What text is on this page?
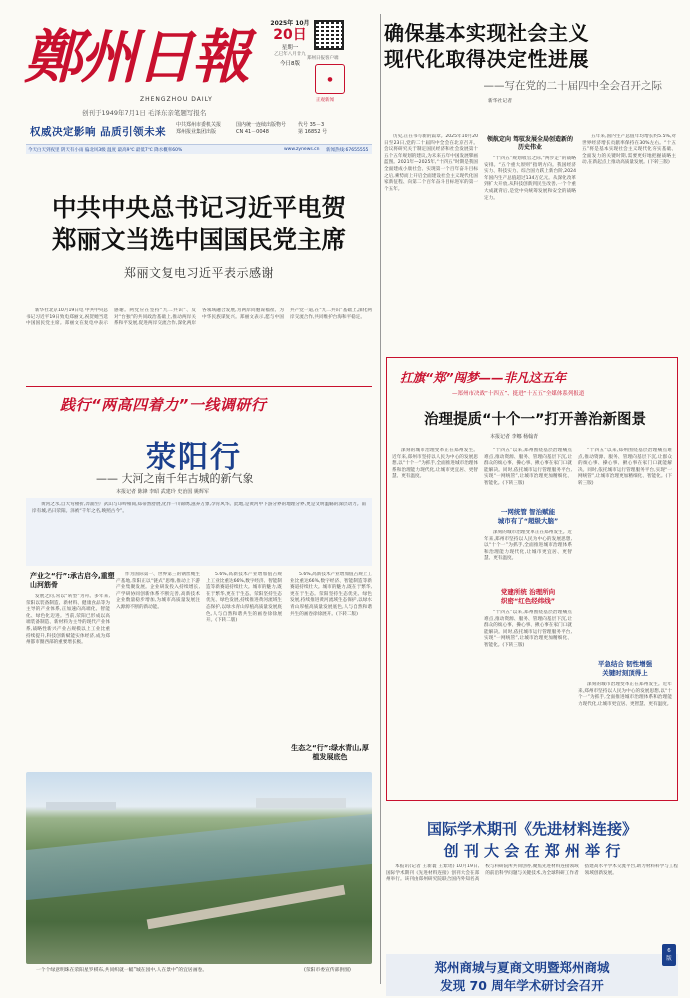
鄭州日報
ZHENGZHOU DAILY
创刊于1949年7月1日 毛泽东亲笔题写报名
2025年 10月
20日
星期一
乙巳年八月廿九
今日8版
郑州日报客户端
●
正观新闻
权威决定影响 品质引领未来
中共郑州市委机关报
郑州报业集团出版
国内统一连续出版物号 CN 41－0048
代号 35－3
第 16852 号
今天白天到夜里 阴天有小雨 偏北风3级 温度 最高9℃ 最低7℃ 降水概率60%	www.zynews.cn 新闻热线:67655555
确保基本实现社会主义
现代化取得决定性进展
——写在党的二十届四中全会召开之际
新华社记者

历史,正在书写新的篇章。2025年10月20日至23日,党的二十届四中全会在北京召开。会议将研究关于制定国民经济和社会发展第十五个五年规划的建议,为未来五年中国发展擘画蓝图。2021年—2025年,“十四五”时期是我国全面建成小康社会、实现第一个百年奋斗目标之后,乘势而上开启全面建设社会主义现代化国家新征程、向第二个百年奋斗目标进军的第一个五年。

领航定向 驾驭发展全局创造新的历史伟业

“十四五”规划收官之际,“两步走”的战略安排。“五个重大原则”指明方向。我国经济实力、科技实力、综合国力跃上新台阶,2024年国内生产总值超过134万亿元。从深化改革到扩大开放,从科技创新到民生改善,一个个重大成就背后,是党中央统筹发展和安全的战略定力。

五年来,国内生产总值年均增长约5.5%,对世界经济增长贡献率保持在30%左右。“十五五”将是基本实现社会主义现代化夯实基础、全面发力的关键时期,需要更好地把握战略主动,在新起点上推动高质量发展。(下转三版)

中共中央总书记习近平电贺
郑丽文当选中国国民党主席
郑丽文复电习近平表示感谢

新华社北京10月19日电 中共中央总书记习近平19日致电郑丽文,祝贺她当选中国国民党主席。郑丽文在复电中表示感谢。两党应在坚持“九二共识”、反对“台独”的共同政治基础上,推动两岸关系和平发展,促进两岸交流合作,深化两岸各领域融合发展,为两岸同胞谋福祉、为中华民族谋复兴。郑丽文表示,愿与中国共产党一道,在“九二共识”基础上,深化两岸交流合作,共同维护台海和平稳定。

践行“两高四着力”一线调研行
荥阳行
—— 大河之南千年古城的新气象
本报记者 陈锋 李昭 武建玲 史治国 姚辉军

黄河之水,自大弯頓折,奔涌至广武山与邙岭相间,郑蒂然舒展,化作一川锦绣,滋养万象,孕育风华。此地,是黄河中下游分界的地理分界,更是文明滥觞的深层动力。南岸有城,名曰荥阳。泽被“千年之名,映照古今”。

产业之“行”:承古启今,重塑山河筋骨

发展之问,常以“转型”为舟。多年来,荥阳以装备制造、新材料、健康食品等为主导的产业体系,正加速向高端化、智能化、绿色化迈进。当前,荥阳已形成以高端装备制造、新材料为主导的现代产业体系,战略性新兴产业占规模以上工业比重持续提升,科技创新赋能实体经济,成为郑州都市圈西部的重要增长极。

作为国际第一、世界第三的钢丝绳生产基地,荥阳正以“链式”思维,推动上下游产业集聚发展。企业研发投入持续增长,产学研协同创新体系不断完善,高新技术企业数量稳步增加,为城市高质量发展注入源源不断的新动能。

5.6%,高新技术产业增加值占规上工业比重达66%,数字经济、智能制造等新赛道持续壮大。城市的魅力,既在于繁华,更在于生态。荥阳坚持生态优先、绿色发展,持续推进黄河流域生态保护,以绿水青山厚植高质量发展底色,人与自然和谐共生的画卷徐徐展开。(下转二版)

生态之“行”:绿水青山,厚植发展底色

5.6%,高新技术产业增加值占规上工业比重达66%,数字经济、智能制造等新赛道持续壮大。城市的魅力,既在于繁华,更在于生态。荥阳坚持生态优先、绿色发展,持续推进黄河流域生态保护,以绿水青山厚植高质量发展底色,人与自然和谐共生的画卷徐徐展开。(下转二版)

一个个绿意明珠在荥阳星罗棋布,共同织就一幅“城在园中,人在景中”的宜居画卷。	(荥阳市委宣传部供图)
扛旗“郑”闯梦——非凡这五年
—郑州市决战“十四五”、挺进“十五五”全媒体系列报道
治理提质“十个一”打开善治新图景
本报记者 李娜 杨翰青

深刻的城市治理变革正在郑州发生。近年来,郑州市坚持以人民为中心的发展思想,以“十个一”为抓手,全面推进城市治理体系和治理能力现代化,让城市更宜居、更智慧、更有温度。

党建所统 治理所向
织密“红色经纬线”
一网统管 智治赋能
城市有了“超级大脑”

“十四五”以来,郑州围绕基层治理痛点难点,推动资源、服务、管理向基层下沉,让群众的烦心事、操心事、揪心事在家门口就能解决。同时,依托城市运行管理服务平台,实现“一网统管”,让城市治理更加精细化、智能化。(下转三版)

深刻的城市治理变革正在郑州发生。近年来,郑州市坚持以人民为中心的发展思想,以“十个一”为抓手,全面推进城市治理体系和治理能力现代化,让城市更宜居、更智慧、更有温度。

“十四五”以来,郑州围绕基层治理痛点难点,推动资源、服务、管理向基层下沉,让群众的烦心事、操心事、揪心事在家门口就能解决。同时,依托城市运行管理服务平台,实现“一网统管”,让城市治理更加精细化、智能化。(下转三版)

“十四五”以来,郑州围绕基层治理痛点难点,推动资源、服务、管理向基层下沉,让群众的烦心事、操心事、揪心事在家门口就能解决。同时,依托城市运行管理服务平台,实现“一网统管”,让城市治理更加精细化、智能化。(下转三版)

平急结合 韧性增强
关键时刻顶得上

深刻的城市治理变革正在郑州发生。近年来,郑州市坚持以人民为中心的发展思想,以“十个一”为抓手,全面推进城市治理体系和治理能力现代化,让城市更宜居、更智慧、更有温度。

国际学术期刊《先进材料连接》
创 刊 大 会 在 郑 州 举 行

本报讯(记者 王新寰 王紫瑶) 10月19日,国际学术期刊《先进材料连接》创刊大会在郑州举行。该刊由郑州研究院联合国内外知名高校与科研院所共同创办,聚焦先进材料连接领域的前沿科学问题与关键技术,为全球科研工作者搭建高水平学术交流平台,助力材料科学与工程领域创新发展。

郑州商城与夏商文明暨郑州商城
发现 70 周年学术研讨会召开
6
版
